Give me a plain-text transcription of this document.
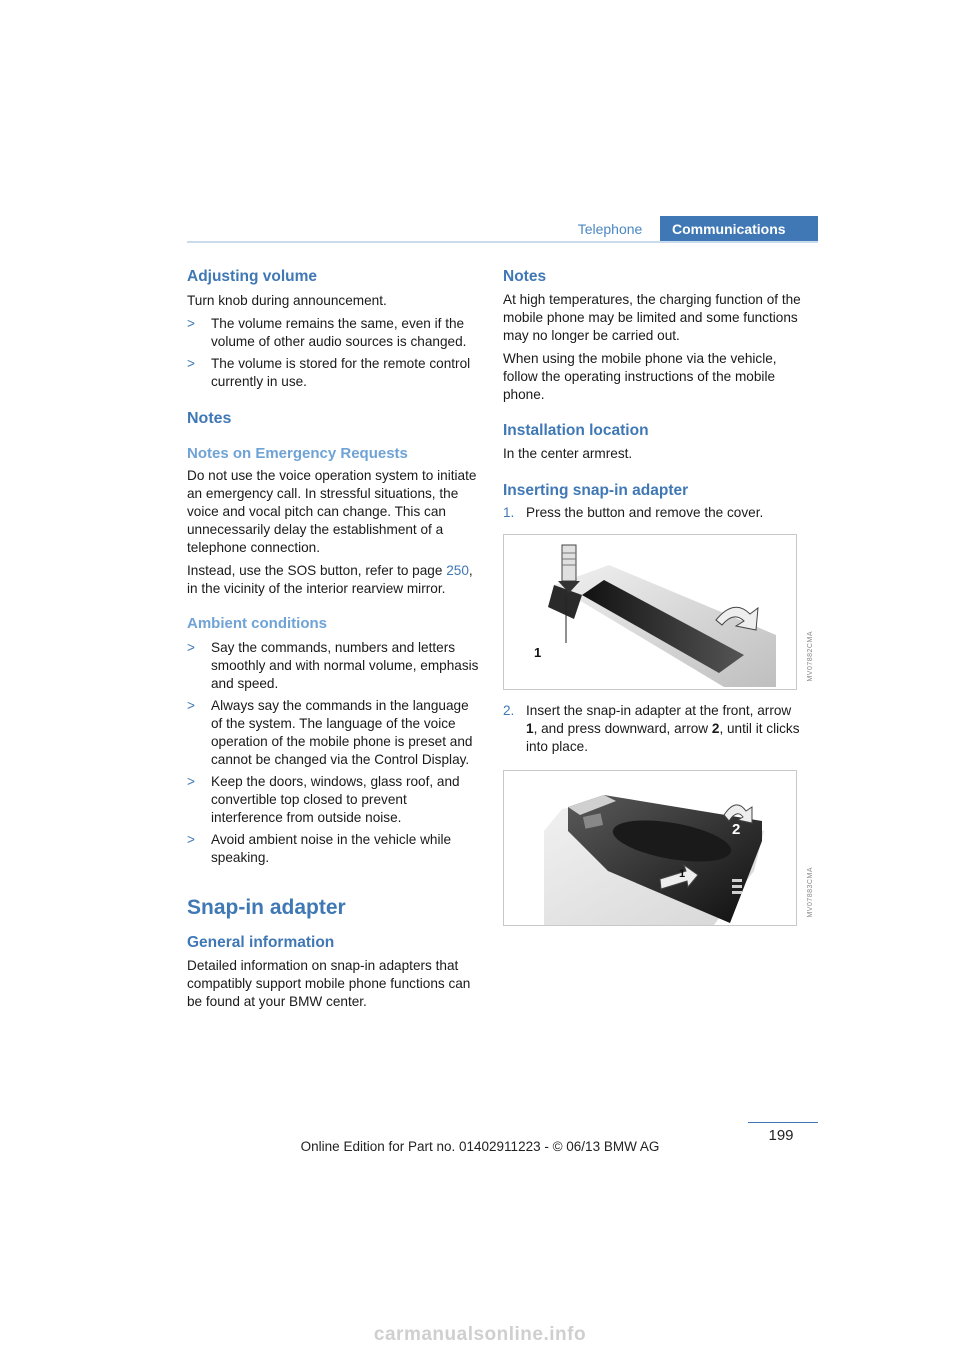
Telephone	Communications
Adjusting volume

Turn knob during announcement.

> The volume remains the same, even if the volume of other audio sources is changed.
> The volume is stored for the remote control currently in use.
Notes
Notes on Emergency Requests

Do not use the voice operation system to initiate an emergency call. In stressful situations, the voice and vocal pitch can change. This can unnecessarily delay the establishment of a telephone connection.

Instead, use the SOS button, refer to page 250, in the vicinity of the interior rearview mirror.

Ambient conditions
> Say the commands, numbers and letters smoothly and with normal volume, emphasis and speed.
> Always say the commands in the language of the system. The language of the voice operation of the mobile phone is preset and cannot be changed via the Control Display.
> Keep the doors, windows, glass roof, and convertible top closed to prevent interference from outside noise.
> Avoid ambient noise in the vehicle while speaking.
Snap-in adapter
General information

Detailed information on snap-in adapters that compatibly support mobile phone functions can be found at your BMW center.

Notes

At high temperatures, the charging function of the mobile phone may be limited and some functions may no longer be carried out.

When using the mobile phone via the vehicle, follow the operating instructions of the mobile phone.

Installation location

In the center armrest.

Inserting snap-in adapter
1. Press the button and remove the cover.
1	MV07882CMA
2. Insert the snap-in adapter at the front, arrow 1, and press downward, arrow 2, until it clicks into place.
2
1	MV07883CMA
199
Online Edition for Part no. 01402911223 - © 06/13 BMW AG
carmanualsonline.info
